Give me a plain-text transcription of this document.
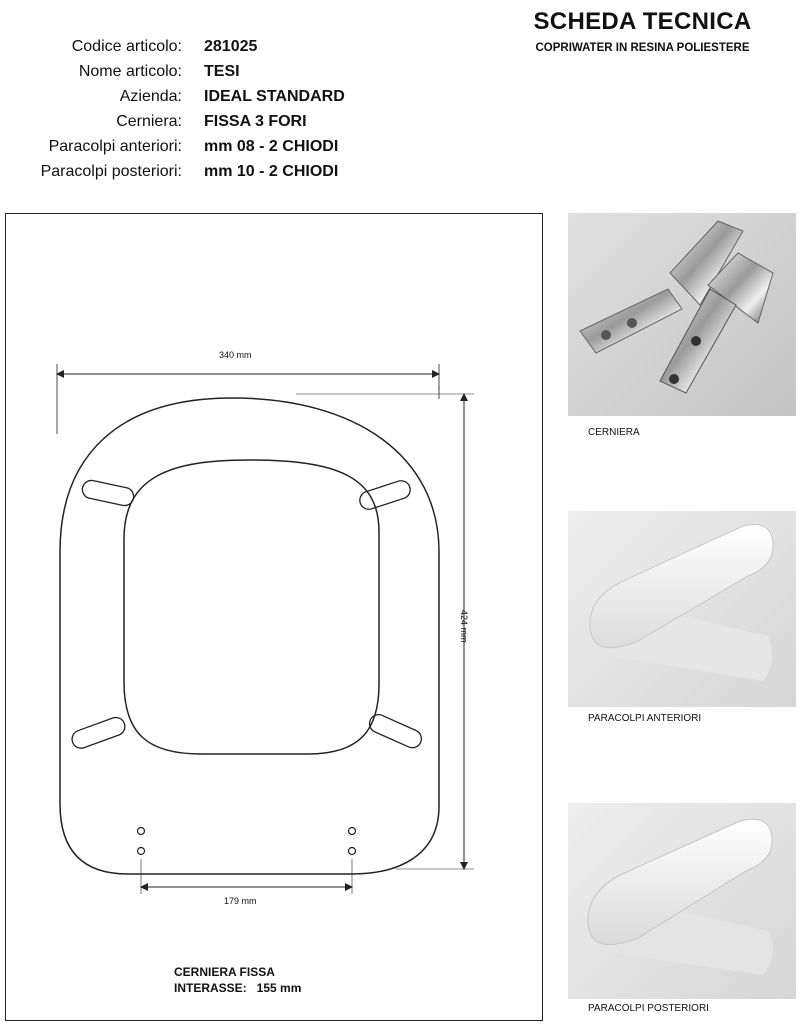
Codice articolo:
Nome articolo:
Azienda:
Cerniera:
Paracolpi anteriori:
Paracolpi posteriori:
281025
TESI
IDEAL STANDARD
FISSA 3 FORI
mm 08 - 2 CHIODI
mm 10 - 2 CHIODI
SCHEDA TECNICA
COPRIWATER IN RESINA POLIESTERE
340 mm
424 mm
179 mm
CERNIERA FISSA
INTERASSE:   155 mm
CERNIERA
PARACOLPI ANTERIORI
PARACOLPI POSTERIORI
